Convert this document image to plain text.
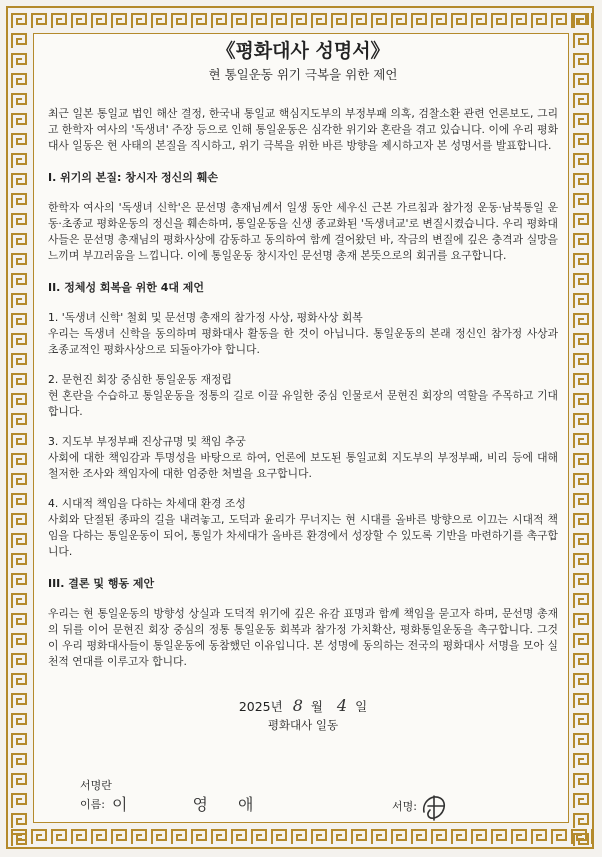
《평화대사 성명서》

현 통일운동 위기 극복을 위한 제언

최근 일본 통일교 법인 해산 결정, 한국내 통일교 핵심지도부의 부정부패 의혹, 검찰소환 관련 언론보도, 그리고 한학자 여사의 '독생녀' 주장 등으로 인해 통일운동은 심각한 위기와 혼란을 겪고 있습니다. 이에 우리 평화대사 일동은 현 사태의 본질을 직시하고, 위기 극복을 위한 바른 방향을 제시하고자 본 성명서를 발표합니다.

I. 위기의 본질: 창시자 정신의 훼손

한학자 여사의 '독생녀 신학'은 문선명 총재님께서 일생 동안 세우신 근본 가르침과 참가정 운동·남북통일 운동·초종교 평화운동의 정신을 훼손하며, 통일운동을 신생 종교화된 '독생녀교'로 변질시켰습니다. 우리 평화대사들은 문선명 총재님의 평화사상에 감동하고 동의하여 함께 걸어왔던 바, 작금의 변질에 깊은 충격과 실망을 느끼며 부끄러움을 느낍니다. 이에 통일운동 창시자인 문선명 총재 본뜻으로의 회귀를 요구합니다.

II. 정체성 회복을 위한 4대 제언

1. '독생녀 신학' 철회 및 문선명 총재의 참가정 사상, 평화사상 회복

우리는 독생녀 신학을 동의하며 평화대사 활동을 한 것이 아닙니다. 통일운동의 본래 정신인 참가정 사상과 초종교적인 평화사상으로 되돌아가야 합니다.

2. 문현진 회장 중심한 통일운동 재정립

현 혼란을 수습하고 통일운동을 정통의 길로 이끌 유일한 중심 인물로서 문현진 회장의 역할을 주목하고 기대합니다.

3. 지도부 부정부패 진상규명 및 책임 추궁

사회에 대한 책임감과 투명성을 바탕으로 하여, 언론에 보도된 통일교회 지도부의 부정부패, 비리 등에 대해 철저한 조사와 책임자에 대한 엄중한 처벌을 요구합니다.

4. 시대적 책임을 다하는 차세대 환경 조성

사회와 단절된 종파의 길을 내려놓고, 도덕과 윤리가 무너지는 현 시대를 올바른 방향으로 이끄는 시대적 책임을 다하는 통일운동이 되어, 통일가 차세대가 올바른 환경에서 성장할 수 있도록 기반을 마련하기를 촉구합니다.

III. 결론 및 행동 제안

우리는 현 통일운동의 방향성 상실과 도덕적 위기에 깊은 유감 표명과 함께 책임을 묻고자 하며, 문선명 총재의 뒤를 이어 문현진 회장 중심의 정통 통일운동 회복과 참가정 가치확산, 평화통일운동을 촉구합니다. 그것이 우리 평화대사들이 통일운동에 동참했던 이유입니다. 본 성명에 동의하는 전국의 평화대사 서명을 모아 실천적 연대를 이루고자 합니다.

2025년 8 월 4 일

평화대사 일동

서명란
이름: 이 영애	서명:
